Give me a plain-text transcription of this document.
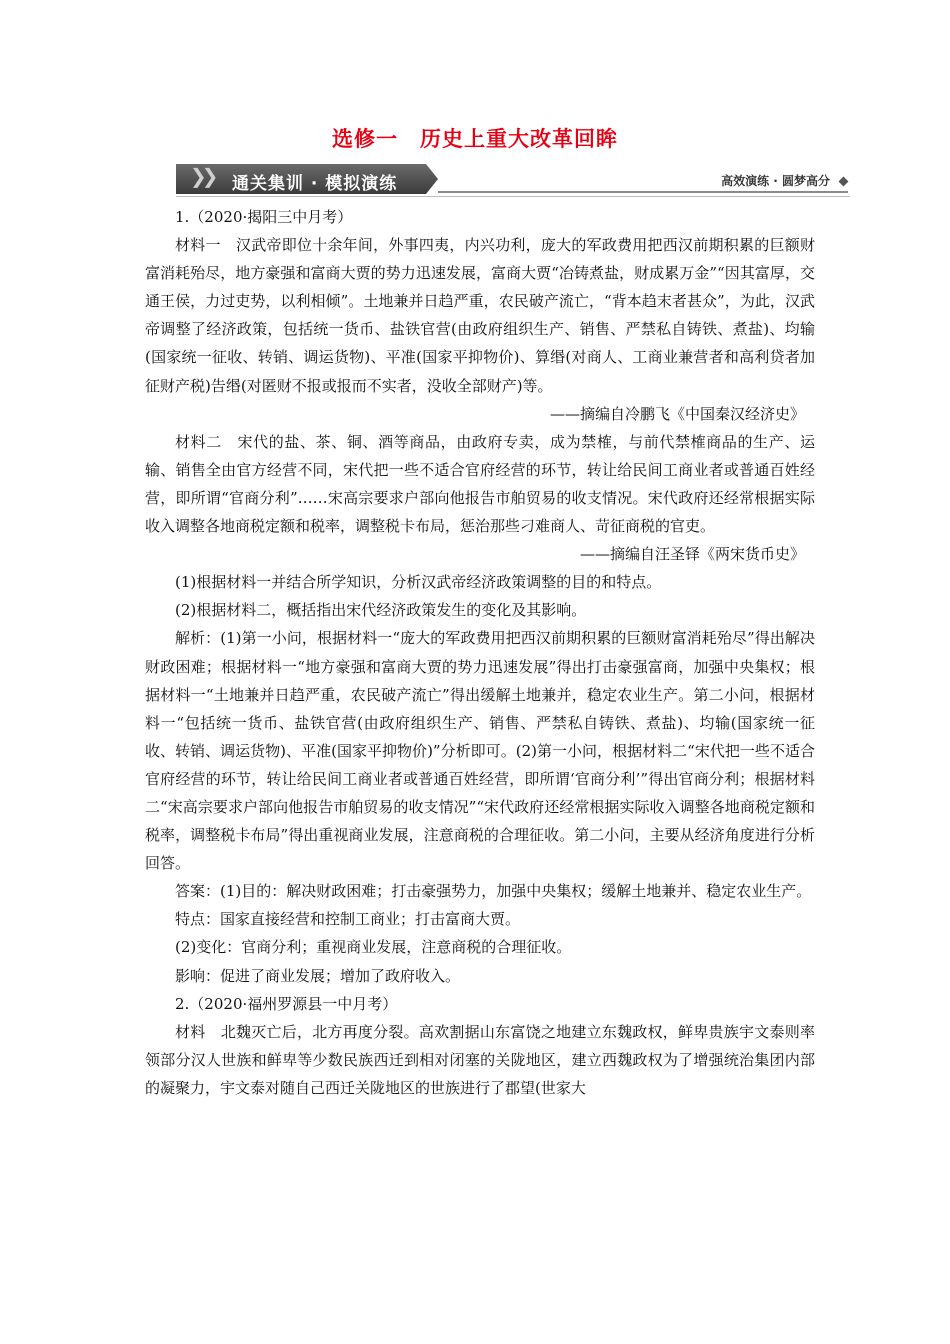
选修一　历史上重大改革回眸
❯❯ 通关集训 · 模拟演练	高效演练 · 圆梦高分

1.（2020·揭阳三中月考）

材料一　汉武帝即位十余年间，外事四夷，内兴功利，庞大的军政费用把西汉前期积累的巨额财富消耗殆尽，地方豪强和富商大贾的势力迅速发展，富商大贾“冶铸煮盐，财成累万金”“因其富厚，交通王侯，力过吏势，以利相倾”。土地兼并日趋严重，农民破产流亡，“背本趋末者甚众”，为此，汉武帝调整了经济政策，包括统一货币、盐铁官营(由政府组织生产、销售、严禁私自铸铁、煮盐)、均输(国家统一征收、转销、调运货物)、平准(国家平抑物价)、算缗(对商人、工商业兼营者和高利贷者加征财产税)告缗(对匿财不报或报而不实者，没收全部财产)等。

——摘编自冷鹏飞《中国秦汉经济史》

材料二　宋代的盐、茶、铜、酒等商品，由政府专卖，成为禁榷，与前代禁榷商品的生产、运输、销售全由官方经营不同，宋代把一些不适合官府经营的环节，转让给民间工商业者或普通百姓经营，即所谓“官商分利”……宋高宗要求户部向他报告市舶贸易的收支情况。宋代政府还经常根据实际收入调整各地商税定额和税率，调整税卡布局，惩治那些刁难商人、苛征商税的官吏。

——摘编自汪圣铎《两宋货币史》

(1)根据材料一并结合所学知识，分析汉武帝经济政策调整的目的和特点。

(2)根据材料二，概括指出宋代经济政策发生的变化及其影响。

解析：(1)第一小问，根据材料一“庞大的军政费用把西汉前期积累的巨额财富消耗殆尽”得出解决财政困难；根据材料一“地方豪强和富商大贾的势力迅速发展”得出打击豪强富商，加强中央集权；根据材料一“土地兼并日趋严重，农民破产流亡”得出缓解土地兼并，稳定农业生产。第二小问，根据材料一“包括统一货币、盐铁官营(由政府组织生产、销售、严禁私自铸铁、煮盐)、均输(国家统一征收、转销、调运货物)、平准(国家平抑物价)”分析即可。(2)第一小问，根据材料二“宋代把一些不适合官府经营的环节，转让给民间工商业者或普通百姓经营，即所谓‘官商分利’”得出官商分利；根据材料二“宋高宗要求户部向他报告市舶贸易的收支情况”“宋代政府还经常根据实际收入调整各地商税定额和税率，调整税卡布局”得出重视商业发展，注意商税的合理征收。第二小问，主要从经济角度进行分析回答。

答案：(1)目的：解决财政困难；打击豪强势力，加强中央集权；缓解土地兼并、稳定农业生产。

特点：国家直接经营和控制工商业；打击富商大贾。

(2)变化：官商分利；重视商业发展，注意商税的合理征收。

影响：促进了商业发展；增加了政府收入。

2.（2020·福州罗源县一中月考）

材料　北魏灭亡后，北方再度分裂。高欢割据山东富饶之地建立东魏政权，鲜卑贵族宇文泰则率领部分汉人世族和鲜卑等少数民族西迁到相对闭塞的关陇地区，建立西魏政权为了增强统治集团内部的凝聚力，宇文泰对随自己西迁关陇地区的世族进行了郡望(世家大
